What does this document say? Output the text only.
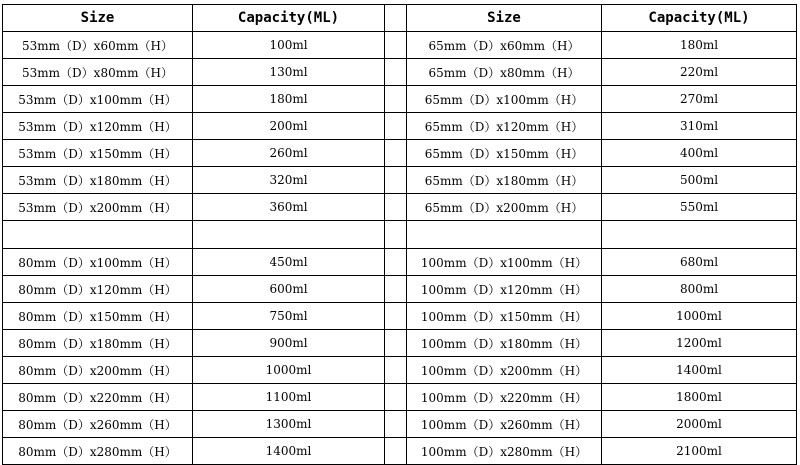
Size	Capacity(ML)		Size	Capacity(ML)
53mm（D）x60mm（H）	100ml		65mm（D）x60mm（H）	180ml
53mm（D）x80mm（H）	130ml		65mm（D）x80mm（H）	220ml
53mm（D）x100mm（H）	180ml		65mm（D）x100mm（H）	270ml
53mm（D）x120mm（H）	200ml		65mm（D）x120mm（H）	310ml
53mm（D）x150mm（H）	260ml		65mm（D）x150mm（H）	400ml
53mm（D）x180mm（H）	320ml		65mm（D）x180mm（H）	500ml
53mm（D）x200mm（H）	360ml		65mm（D）x200mm（H）	550ml

80mm（D）x100mm（H）	450ml		100mm（D）x100mm（H）	680ml
80mm（D）x120mm（H）	600ml		100mm（D）x120mm（H）	800ml
80mm（D）x150mm（H）	750ml		100mm（D）x150mm（H）	1000ml
80mm（D）x180mm（H）	900ml		100mm（D）x180mm（H）	1200ml
80mm（D）x200mm（H）	1000ml		100mm（D）x200mm（H）	1400ml
80mm（D）x220mm（H）	1100ml		100mm（D）x220mm（H）	1800ml
80mm（D）x260mm（H）	1300ml		100mm（D）x260mm（H）	2000ml
80mm（D）x280mm（H）	1400ml		100mm（D）x280mm（H）	2100ml
